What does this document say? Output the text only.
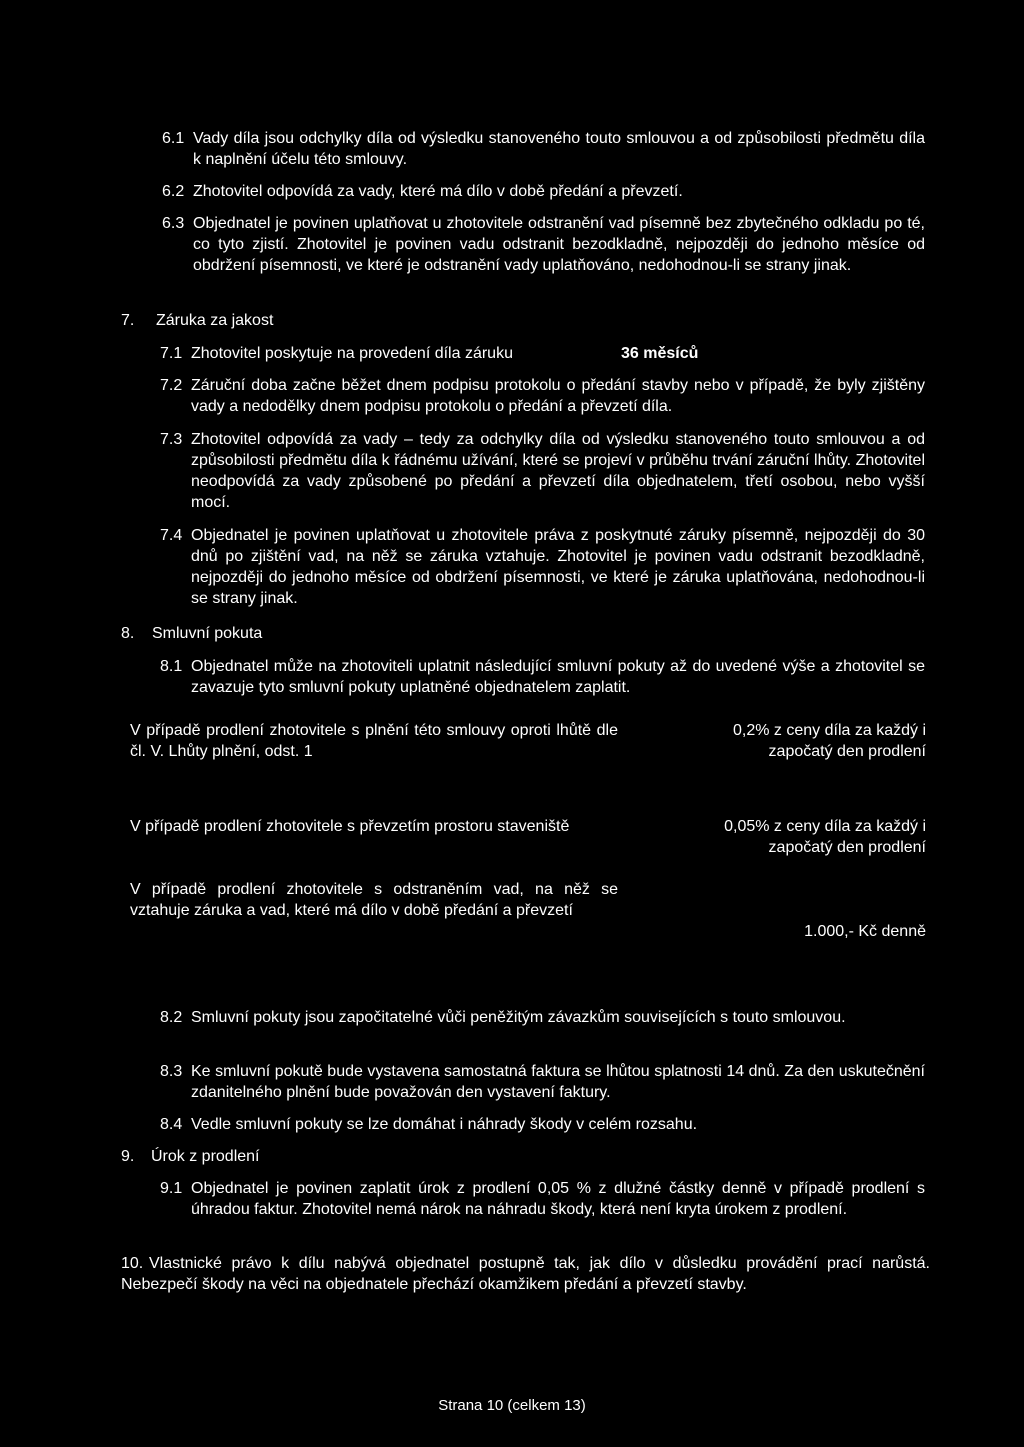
6.1 Vady díla jsou odchylky díla od výsledku stanoveného touto smlouvou a od způsobilosti předmětu díla k naplnění účelu této smlouvy.
6.2 Zhotovitel odpovídá za vady, které má dílo v době předání a převzetí.
6.3 Objednatel je povinen uplatňovat u zhotovitele odstranění vad písemně bez zbytečného odkladu po té, co tyto zjistí. Zhotovitel je povinen vadu odstranit bezodkladně, nejpozději do jednoho měsíce od obdržení písemnosti, ve které je odstranění vady uplatňováno, nedohodnou-li se strany jinak.
7. Záruka za jakost
7.1 Zhotovitel poskytuje na provedení díla záruku	36 měsíců
7.2 Záruční doba začne běžet dnem podpisu protokolu o předání stavby nebo v případě, že byly zjištěny vady a nedodělky dnem podpisu protokolu o předání a převzetí díla.
7.3 Zhotovitel odpovídá za vady – tedy za odchylky díla od výsledku stanoveného touto smlouvou a od způsobilosti předmětu díla k řádnému užívání, které se projeví v průběhu trvání záruční lhůty. Zhotovitel neodpovídá za vady způsobené po předání a převzetí díla objednatelem, třetí osobou, nebo vyšší mocí.
7.4 Objednatel je povinen uplatňovat u zhotovitele práva z poskytnuté záruky písemně, nejpozději do 30 dnů po zjištění vad, na něž se záruka vztahuje. Zhotovitel je povinen vadu odstranit bezodkladně, nejpozději do jednoho měsíce od obdržení písemnosti, ve které je záruka uplatňována, nedohodnou-li se strany jinak.
8. Smluvní pokuta
8.1 Objednatel může na zhotoviteli uplatnit následující smluvní pokuty až do uvedené výše a zhotovitel se zavazuje tyto smluvní pokuty uplatněné objednatelem zaplatit.
V případě prodlení zhotovitele s plnění této smlouvy oproti lhůtě dle čl. V. Lhůty plnění, odst. 1
0,2% z ceny díla za každý i započatý den prodlení
V případě prodlení zhotovitele s převzetím prostoru staveniště	0,05% z ceny díla za každý i započatý den prodlení
V případě prodlení zhotovitele s odstraněním vad, na něž se vztahuje záruka a vad, které má dílo v době předání a převzetí
1.000,- Kč denně
8.2 Smluvní pokuty jsou započitatelné vůči peněžitým závazkům souvisejících s touto smlouvou.
8.3 Ke smluvní pokutě bude vystavena samostatná faktura se lhůtou splatnosti 14 dnů. Za den uskutečnění zdanitelného plnění bude považován den vystavení faktury.
8.4 Vedle smluvní pokuty se lze domáhat i náhrady škody v celém rozsahu.
9. Úrok z prodlení
9.1 Objednatel je povinen zaplatit úrok z prodlení 0,05 % z dlužné částky denně v případě prodlení s úhradou faktur. Zhotovitel nemá nárok na náhradu škody, která není kryta úrokem z prodlení.
10. Vlastnické právo k dílu nabývá objednatel postupně tak, jak dílo v důsledku provádění prací narůstá. Nebezpečí škody na věci na objednatele přechází okamžikem předání a převzetí stavby.
Strana 10 (celkem 13)
